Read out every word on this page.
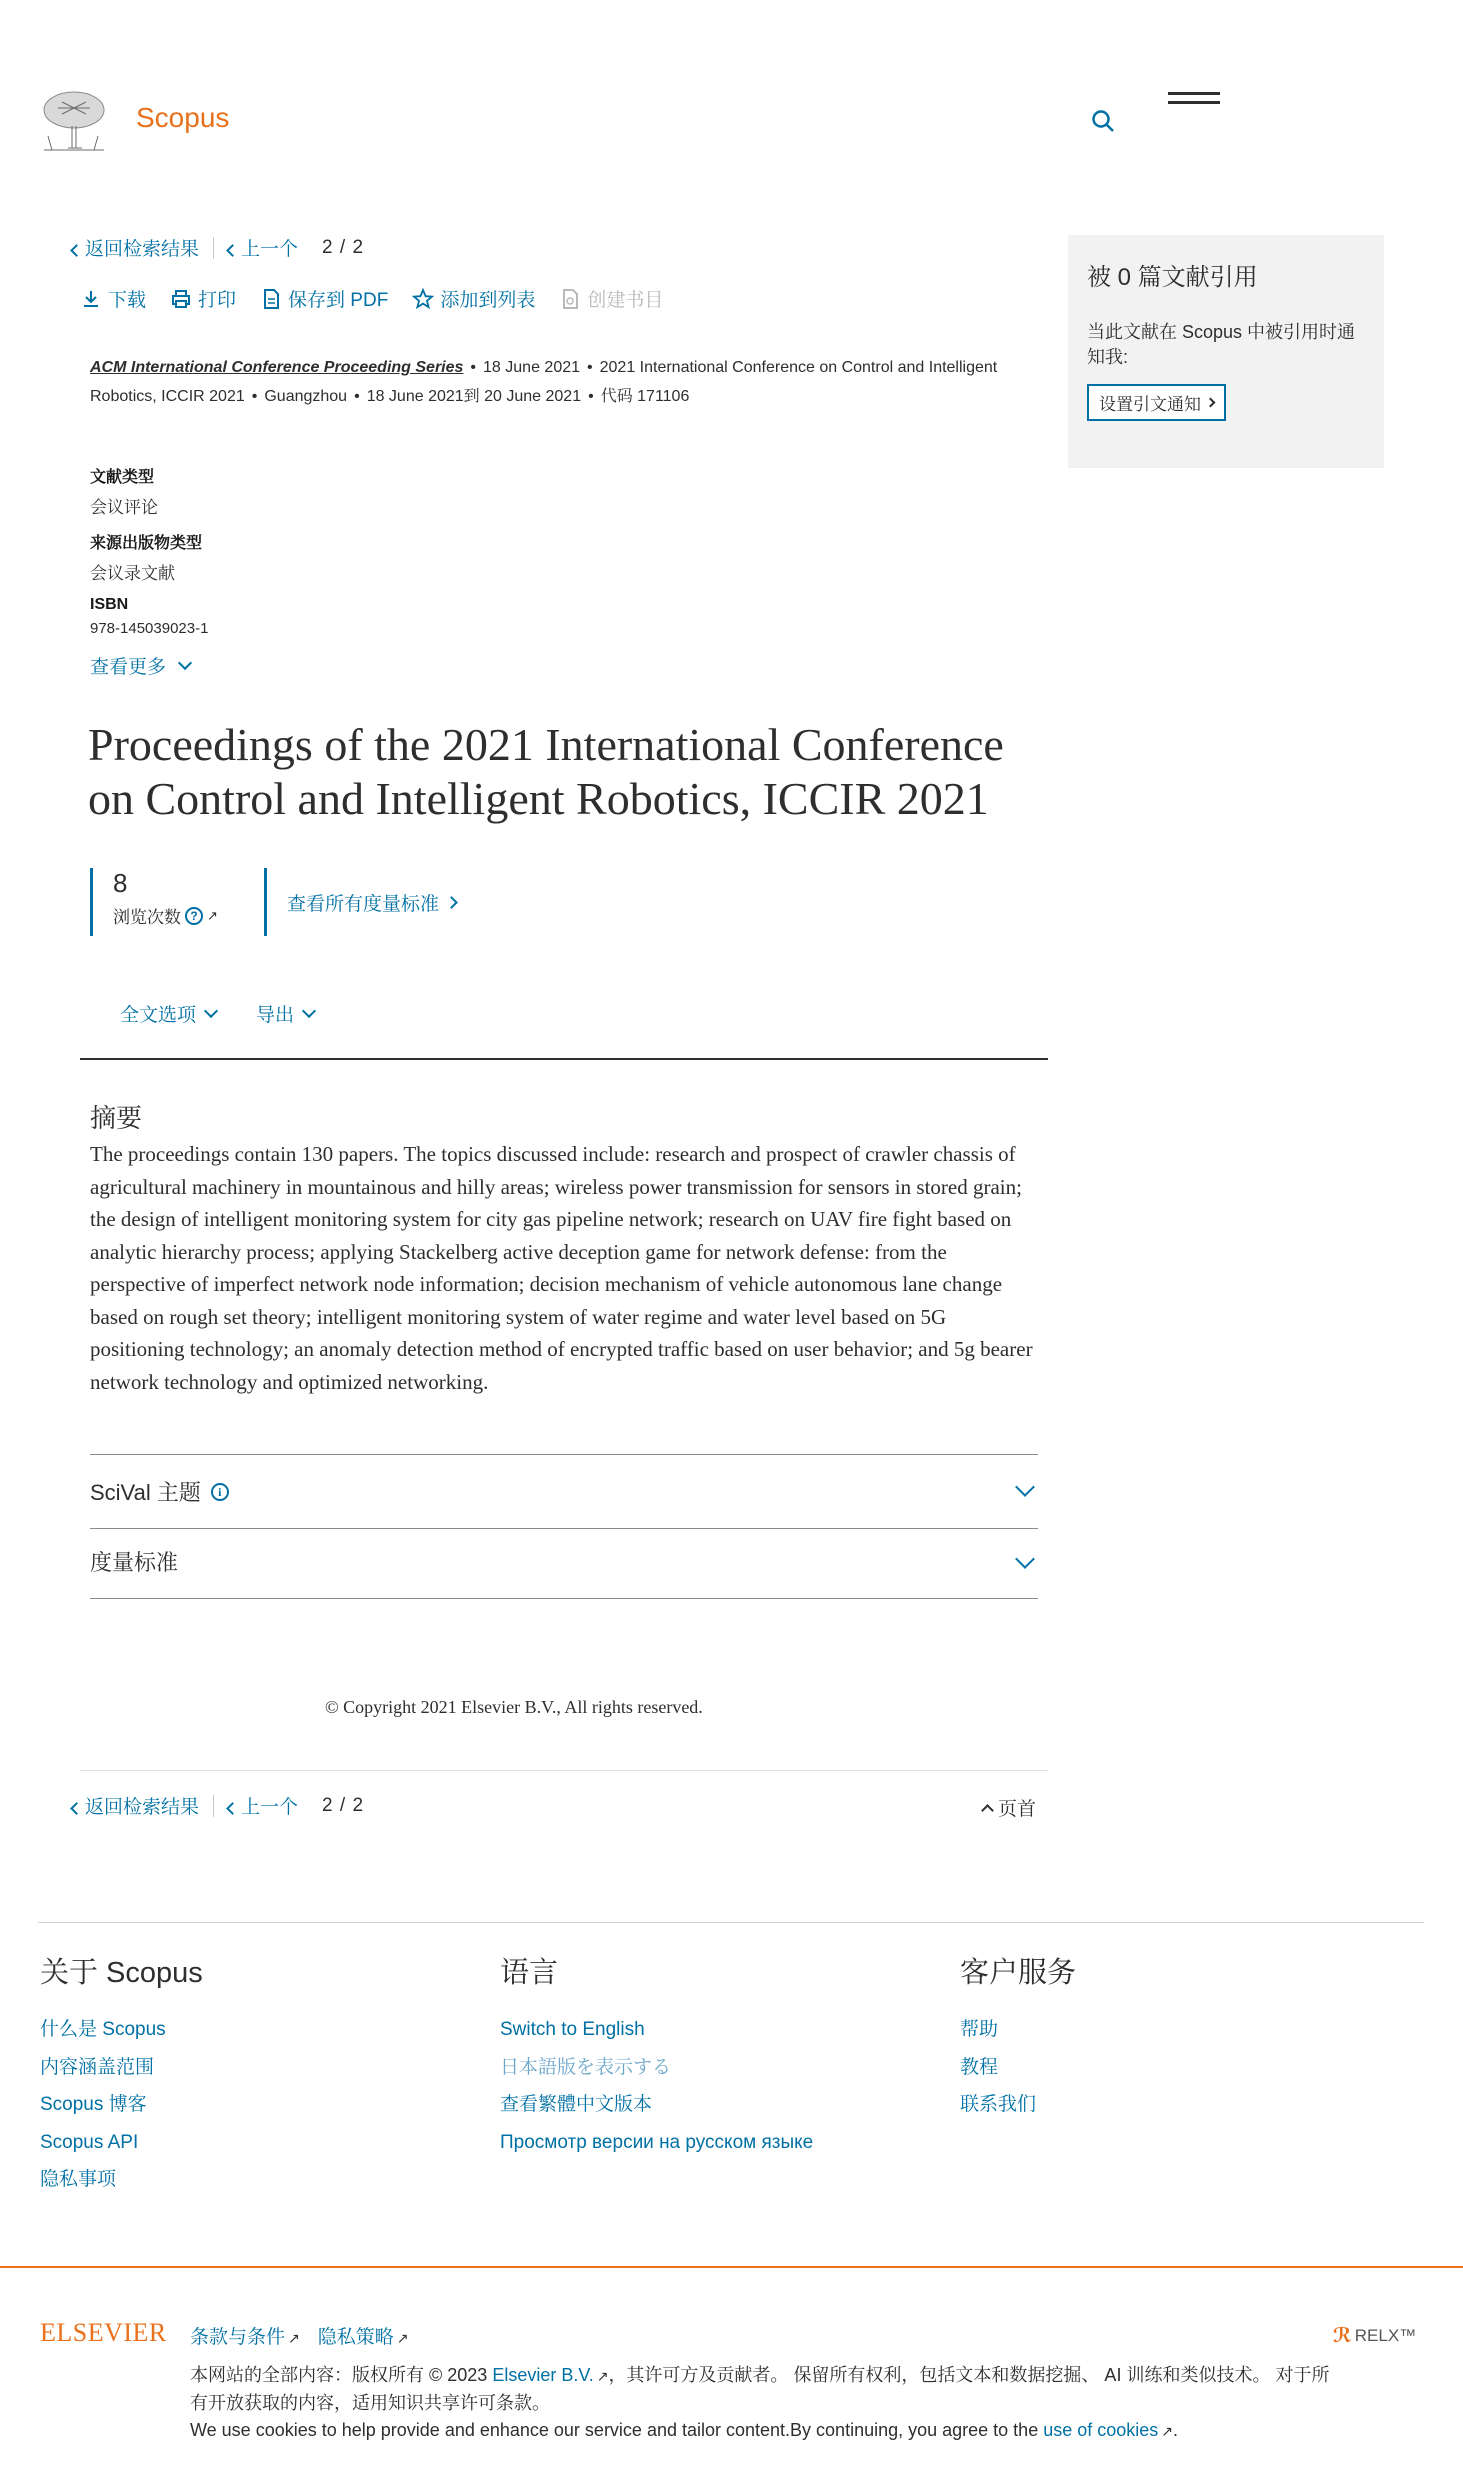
Scopus
返回检索结果	上一个 2 / 2
下载	打印	保存到 PDF	添加到列表	创建书目
ACM International Conference Proceeding Series • 18 June 2021 • 2021 International Conference on Control and Intelligent Robotics, ICCIR 2021 • Guangzhou • 18 June 2021到 20 June 2021 • 代码 171106
文献类型
会议评论
来源出版物类型
会议录文献
ISBN
978-145039023-1
查看更多
Proceedings of the 2021 International Conference on Control and Intelligent Robotics, ICCIR 2021
8
浏览次数 ? ↗
查看所有度量标准
全文选项	导出
摘要
The proceedings contain 130 papers. The topics discussed include: research and prospect of crawler chassis of agricultural machinery in mountainous and hilly areas; wireless power transmission for sensors in stored grain; the design of intelligent monitoring system for city gas pipeline network; research on UAV fire fight based on analytic hierarchy process; applying Stackelberg active deception game for network defense: from the perspective of imperfect network node information; decision mechanism of vehicle autonomous lane change based on rough set theory; intelligent monitoring system of water regime and water level based on 5G positioning technology; an anomaly detection method of encrypted traffic based on user behavior; and 5g bearer network technology and optimized networking.
SciVal 主题	i
度量标准
© Copyright 2021 Elsevier B.V., All rights reserved.
返回检索结果	上一个 2 / 2	页首
被 0 篇文献引用
当此文献在 Scopus 中被引用时通知我:
设置引文通知
关于 Scopus
什么是 Scopus
内容涵盖范围
Scopus 博客
Scopus API
隐私事项
语言
Switch to English
日本語版を表示する
查看繁體中文版本
Просмотр версии на русском языке
客户服务
帮助
教程
联系我们
ELSEVIER 条款与条件 ↗ 隐私策略 ↗	ℛ RELX™
本网站的全部内容：版权所有 © 2023 Elsevier B.V. ↗，其许可方及贡献者。 保留所有权利，包括文本和数据挖掘、 AI 训练和类似技术。 对于所有开放获取的内容，适用知识共享许可条款。
We use cookies to help provide and enhance our service and tailor content.By continuing, you agree to the use of cookies ↗.
